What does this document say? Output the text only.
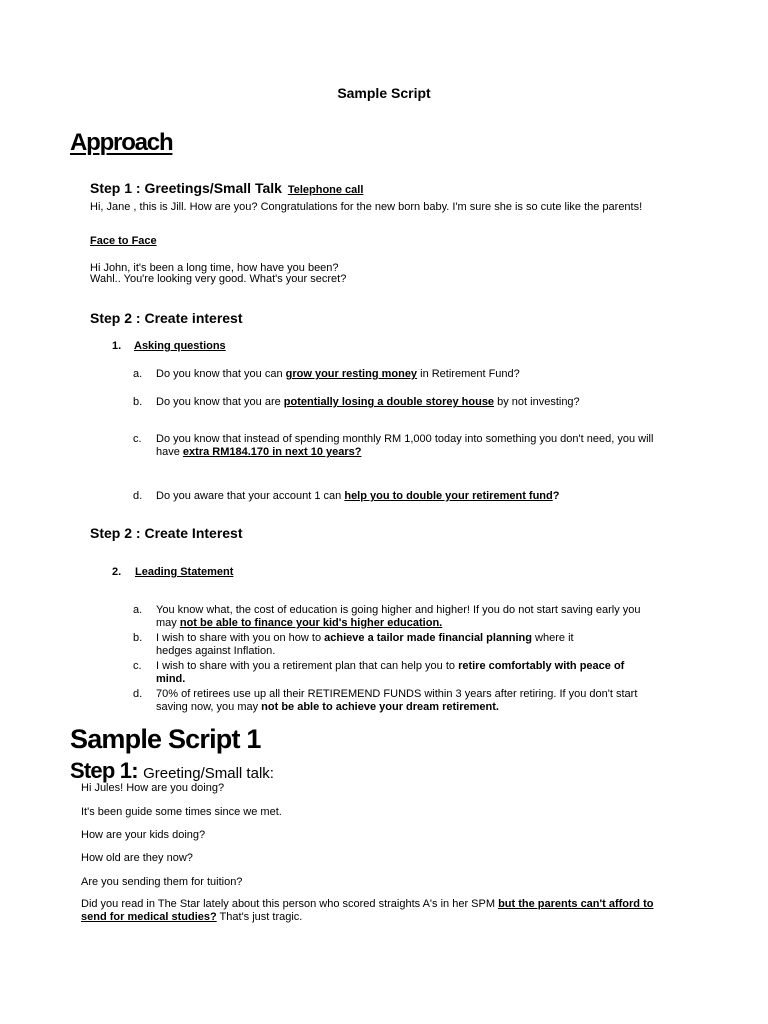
Sample Script
Approach
Step 1 : Greetings/Small Talk Telephone call
Hi, Jane , this is Jill. How are you? Congratulations for the new born baby. I'm sure she is so cute like the parents!
Face to Face
Hi John, it's been a long time, how have you been?
Wahl.. You're looking very good. What's your secret?
Step 2 : Create interest
1. Asking questions
a. Do you know that you can grow your resting money in Retirement Fund?
b. Do you know that you are potentially losing a double storey house by not investing?
c. Do you know that instead of spending monthly RM 1,000 today into something you don't need, you will
have extra RM184.170 in next 10 years?
d. Do you aware that your account 1 can help you to double your retirement fund?
Step 2 : Create Interest
2. Leading Statement
a. You know what, the cost of education is going higher and higher! If you do not start saving early you
may not be able to finance your kid's higher education.
b. I wish to share with you on how to achieve a tailor made financial planning where it
hedges against Inflation.
c. I wish to share with you a retirement plan that can help you to retire comfortably with peace of
mind.
d. 70% of retirees use up all their RETIREMEND FUNDS within 3 years after retiring. If you don't start
saving now, you may not be able to achieve your dream retirement.
Sample Script 1
Step 1: Greeting/Small talk:
Hi Jules! How are you doing?
It's been guide some times since we met.
How are your kids doing?
How old are they now?
Are you sending them for tuition?
Did you read in The Star lately about this person who scored straights A's in her SPM but the parents can't afford to
send for medical studies? That's just tragic.
